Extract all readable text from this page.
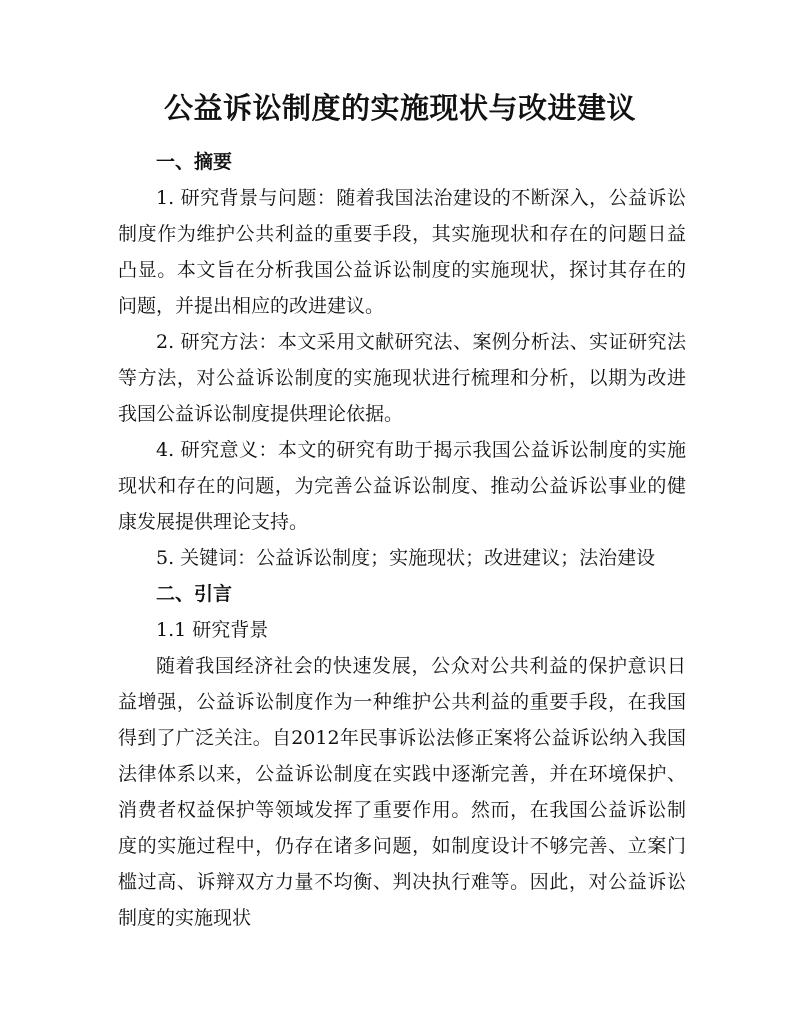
公益诉讼制度的实施现状与改进建议

一、摘要

1. 研究背景与问题：随着我国法治建设的不断深入，公益诉讼制度作为维护公共利益的重要手段，其实施现状和存在的问题日益凸显。本文旨在分析我国公益诉讼制度的实施现状，探讨其存在的问题，并提出相应的改进建议。

2. 研究方法：本文采用文献研究法、案例分析法、实证研究法等方法，对公益诉讼制度的实施现状进行梳理和分析，以期为改进我国公益诉讼制度提供理论依据。

4. 研究意义：本文的研究有助于揭示我国公益诉讼制度的实施现状和存在的问题，为完善公益诉讼制度、推动公益诉讼事业的健康发展提供理论支持。

5. 关键词：公益诉讼制度；实施现状；改进建议；法治建设

二、引言

1.1 研究背景

随着我国经济社会的快速发展，公众对公共利益的保护意识日益增强，公益诉讼制度作为一种维护公共利益的重要手段，在我国得到了广泛关注。自2012年民事诉讼法修正案将公益诉讼纳入我国法律体系以来，公益诉讼制度在实践中逐渐完善，并在环境保护、消费者权益保护等领域发挥了重要作用。然而，在我国公益诉讼制度的实施过程中，仍存在诸多问题，如制度设计不够完善、立案门槛过高、诉辩双方力量不均衡、判决执行难等。因此，对公益诉讼制度的实施现状
